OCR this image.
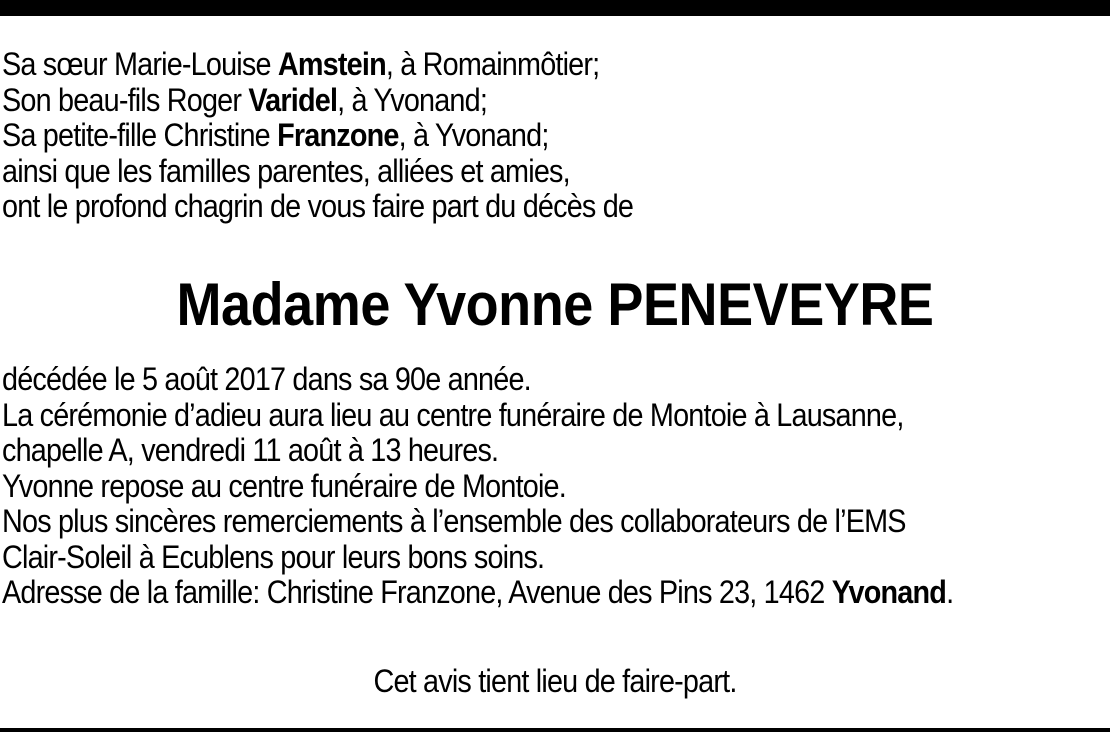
Sa sœur Marie-Louise Amstein, à Romainmôtier;
Son beau-fils Roger Varidel, à Yvonand;
Sa petite-fille Christine Franzone, à Yvonand;
ainsi que les familles parentes, alliées et amies,
ont le profond chagrin de vous faire part du décès de
Madame Yvonne PENEVEYRE
décédée le 5 août 2017 dans sa 90e année.
La cérémonie d’adieu aura lieu au centre funéraire de Montoie à Lausanne,
chapelle A, vendredi 11 août à 13 heures.
Yvonne repose au centre funéraire de Montoie.
Nos plus sincères remerciements à l’ensemble des collaborateurs de l’EMS
Clair-Soleil à Ecublens pour leurs bons soins.
Adresse de la famille: Christine Franzone, Avenue des Pins 23, 1462 Yvonand.
Cet avis tient lieu de faire-part.
